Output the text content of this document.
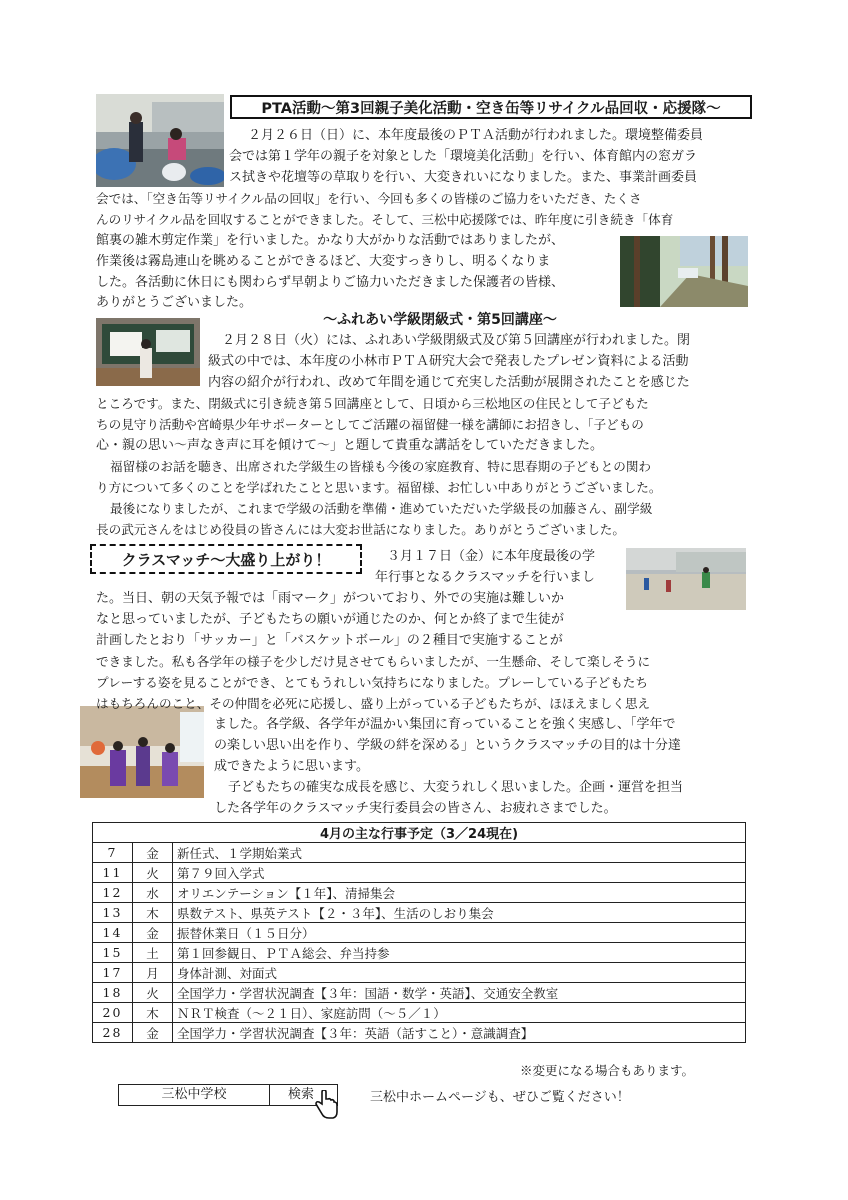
PTA活動～第3回親子美化活動・空き缶等リサイクル品回収・応援隊～
２月２６日（日）に、本年度最後のＰＴＡ活動が行われました。環境整備委員
会では第１学年の親子を対象とした「環境美化活動」を行い、体育館内の窓ガラ
ス拭きや花壇等の草取りを行い、大変きれいになりました。また、事業計画委員
会では、「空き缶等リサイクル品の回収」を行い、今回も多くの皆様のご協力をいただき、たくさ
んのリサイクル品を回収することができました。そして、三松中応援隊では、昨年度に引き続き「体育
館裏の雑木剪定作業」を行いました。かなり大がかりな活動ではありましたが、
作業後は霧島連山を眺めることができるほど、大変すっきりし、明るくなりま
した。各活動に休日にも関わらず早朝よりご協力いただきました保護者の皆様、
ありがとうございました。
～ふれあい学級閉級式・第5回講座～
２月２８日（火）には、ふれあい学級閉級式及び第５回講座が行われました。閉
級式の中では、本年度の小林市ＰＴＡ研究大会で発表したプレゼン資料による活動
内容の紹介が行われ、改めて年間を通じて充実した活動が展開されたことを感じた
ところです。また、閉級式に引き続き第５回講座として、日頃から三松地区の住民として子どもた
ちの見守り活動や宮崎県少年サポーターとしてご活躍の福留健一様を講師にお招きし、「子どもの
心・親の思い～声なき声に耳を傾けて～」と題して貴重な講話をしていただきました。
福留様のお話を聴き、出席された学級生の皆様も今後の家庭教育、特に思春期の子どもとの関わ
り方について多くのことを学ばれたことと思います。福留様、お忙しい中ありがとうございました。
最後になりましたが、これまで学級の活動を準備・進めていただいた学級長の加藤さん、副学級
長の武元さんをはじめ役員の皆さんには大変お世話になりました。ありがとうございました。
クラスマッチ～大盛り上がり！	３月１７日（金）に本年度最後の学
年行事となるクラスマッチを行いまし
た。当日、朝の天気予報では「雨マーク」がついており、外での実施は難しいか
なと思っていましたが、子どもたちの願いが通じたのか、何とか終了まで生徒が
計画したとおり「サッカー」と「バスケットボール」の２種目で実施することが
できました。私も各学年の様子を少しだけ見させてもらいましたが、一生懸命、そして楽しそうに
プレーする姿を見ることができ、とてもうれしい気持ちになりました。プレーしている子どもたち
はもちろんのこと、その仲間を必死に応援し、盛り上がっている子どもたちが、ほほえましく思え
ました。各学級、各学年が温かい集団に育っていることを強く実感し、「学年で
の楽しい思い出を作り、学級の絆を深める」というクラスマッチの目的は十分達
成できたように思います。
子どもたちの確実な成長を感じ、大変うれしく思いました。企画・運営を担当
した各学年のクラスマッチ実行委員会の皆さん、お疲れさまでした。
4月の主な行事予定（3／24現在)		
7	金	新任式、１学期始業式
11	火	第７９回入学式
12	水	オリエンテーション【１年】、清掃集会
13	木	県数テスト、県英テスト【２・３年】、生活のしおり集会
14	金	振替休業日（１５日分）
15	土	第１回参観日、ＰＴＡ総会、弁当持参
17	月	身体計測、対面式
18	火	全国学力・学習状況調査【３年：国語・数学・英語】、交通安全教室
20	木	ＮＲＴ検査（～２１日）、家庭訪問（～５／１）
28	金	全国学力・学習状況調査【３年：英語（話すこと）・意識調査】
※変更になる場合もあります。
三松中学校	検索	三松中ホームページも、ぜひご覧ください！
